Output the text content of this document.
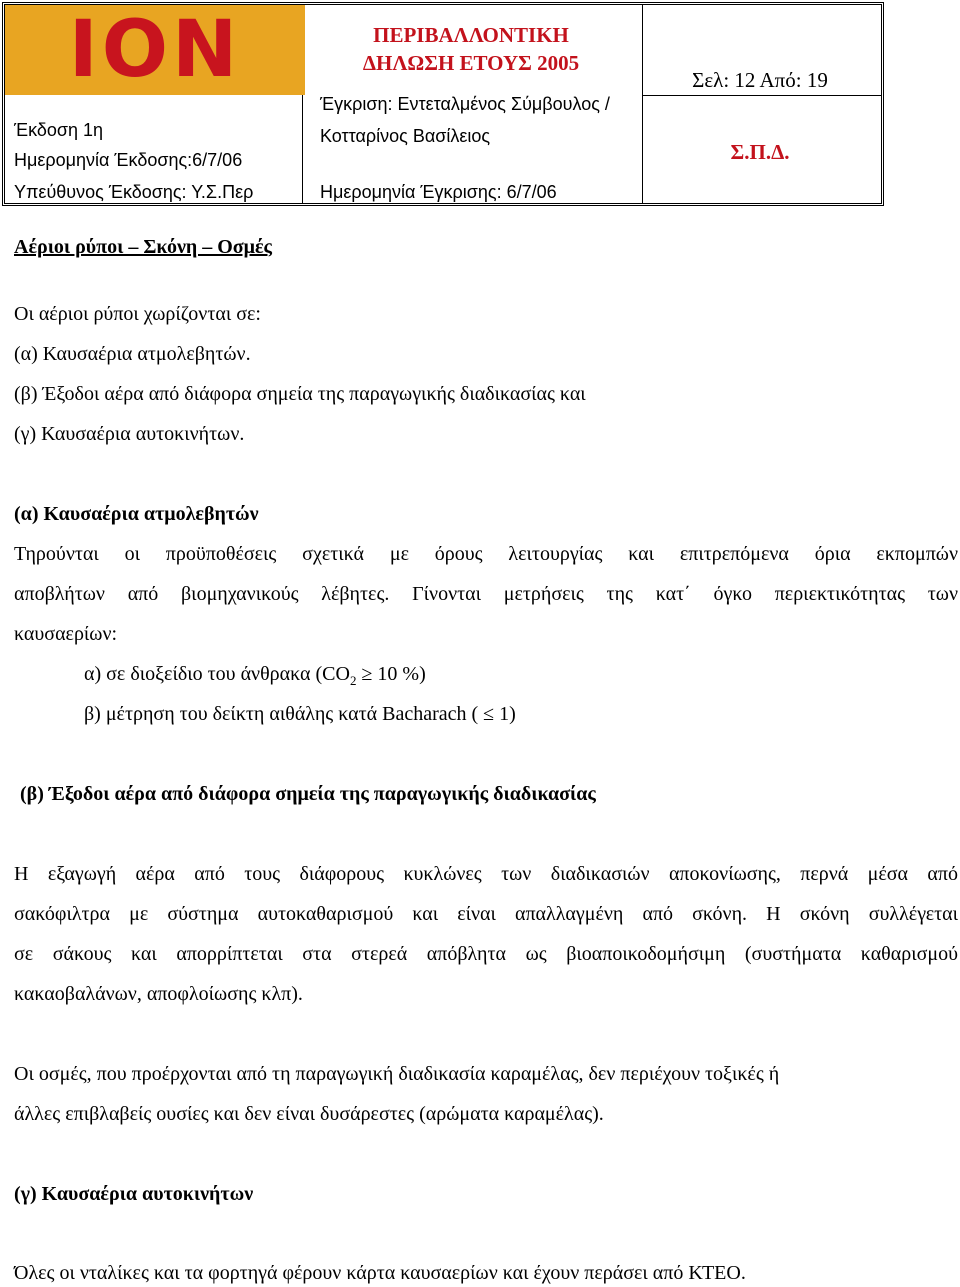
ION	ΠΕΡΙΒΑΛΛΟΝΤΙΚΗ
ΔΗΛΩΣΗ ΕΤΟΥΣ 2005
Σελ: 12 Από: 19
Σ.Π.Δ.
Έκδοση 1η
Ημερομηνία Έκδοσης:6/7/06
Υπεύθυνος Έκδοσης: Υ.Σ.Περ
Έγκριση: Εντεταλμένος Σύμβουλος /
Κοτταρίνος Βασίλειος
Ημερομηνία Έγκρισης: 6/7/06
Αέριοι ρύποι – Σκόνη – Οσμές
Οι αέριοι ρύποι χωρίζονται σε:
(α) Καυσαέρια ατμολεβητών.
(β) Έξοδοι αέρα από διάφορα σημεία της παραγωγικής διαδικασίας και
(γ) Καυσαέρια αυτοκινήτων.
(α) Καυσαέρια ατμολεβητών
Τηρούνται οι προϋποθέσεις σχετικά με όρους λειτουργίας και επιτρεπόμενα όρια εκπομπών
αποβλήτων από βιομηχανικούς λέβητες. Γίνονται μετρήσεις της κατ΄ όγκο περιεκτικότητας των
καυσαερίων:
α) σε διοξείδιο του άνθρακα ($CO_2 \ge 10$ %)
β) μέτρηση του δείκτη αιθάλης κατά Bacharach ( ≤ 1)
(β) Έξοδοι αέρα από διάφορα σημεία της παραγωγικής διαδικασίας
Η εξαγωγή αέρα από τους διάφορους κυκλώνες των διαδικασιών αποκονίωσης, περνά μέσα από
σακόφιλτρα με σύστημα αυτοκαθαρισμού και είναι απαλλαγμένη από σκόνη. Η σκόνη συλλέγεται
σε σάκους και απορρίπτεται στα στερεά απόβλητα ως βιοαποικοδομήσιμη (συστήματα καθαρισμού
κακαοβαλάνων, αποφλοίωσης κλπ).
Οι οσμές, που προέρχονται από τη παραγωγική διαδικασία καραμέλας, δεν περιέχουν τοξικές ή
άλλες επιβλαβείς ουσίες και δεν είναι δυσάρεστες (αρώματα καραμέλας).
(γ) Καυσαέρια αυτοκινήτων
Όλες οι νταλίκες και τα φορτηγά φέρουν κάρτα καυσαερίων και έχουν περάσει από ΚΤΕΟ.
